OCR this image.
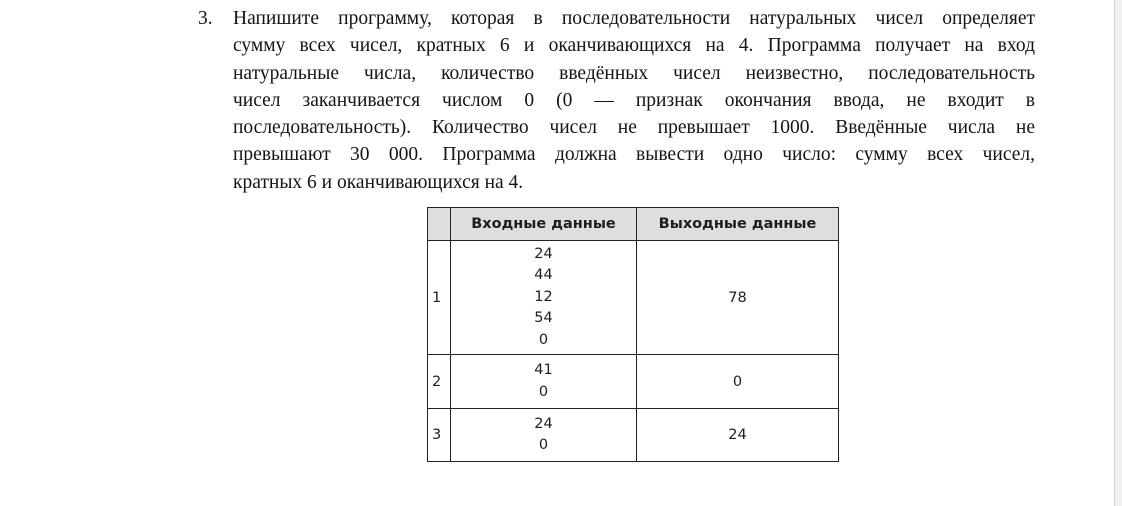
3. Напишите программу, которая в последовательности натуральных чисел определяет
сумму всех чисел, кратных 6 и оканчивающихся на 4. Программа получает на вход
натуральные числа, количество введённых чисел неизвестно, последовательность
чисел заканчивается числом 0 (0 — признак окончания ввода, не входит в
последовательность). Количество чисел не превышает 1000. Введённые числа не
превышают 30 000. Программа должна вывести одно число: сумму всех чисел,
кратных 6 и оканчивающихся на 4.

	Входные данные	Выходные данные
1	24
44
12
54
0	78
2	41
0	0
3	24
0	24
